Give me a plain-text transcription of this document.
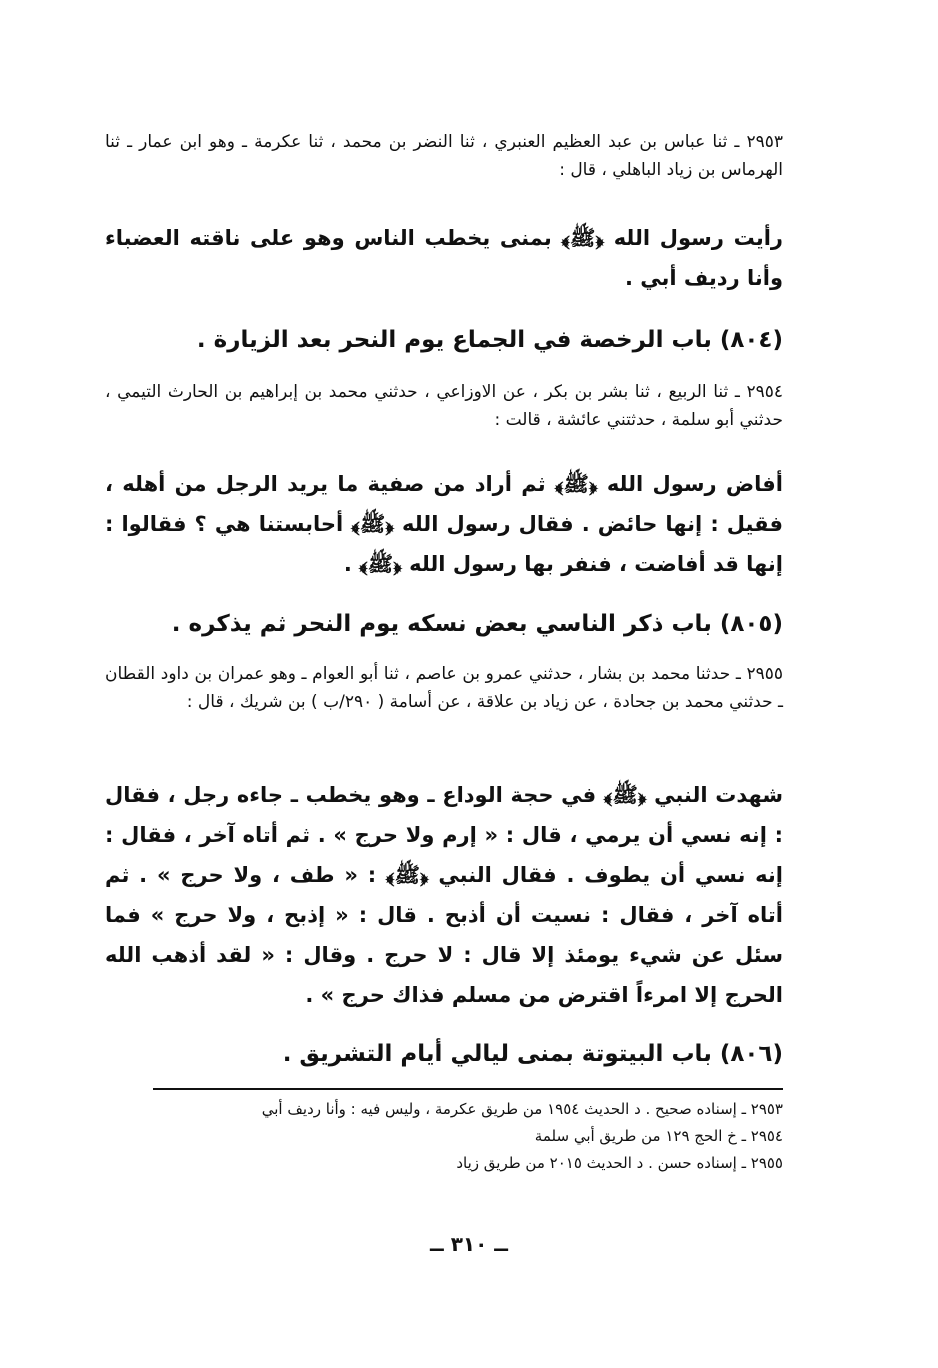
٢٩٥٣ ـ ثنا عباس بن عبد العظيم العنبري ، ثنا النضر بن محمد ، ثنا عكرمة ـ وهو ابن عمار ـ ثنا الهرماس بن زياد الباهلي ، قال :
رأيت رسول الله ﴿ﷺ﴾ بمنى يخطب الناس وهو على ناقته العضباء وأنا رديف أبي .
(٨٠٤) باب الرخصة في الجماع يوم النحر بعد الزيارة .
٢٩٥٤ ـ ثنا الربيع ، ثنا بشر بن بكر ، عن الاوزاعي ، حدثني محمد بن إبراهيم بن الحارث التيمي ، حدثني أبو سلمة ، حدثتني عائشة ، قالت :
أفاض رسول الله ﴿ﷺ﴾ ثم أراد من صفية ما يريد الرجل من أهله ، فقيل : إنها حائض . فقال رسول الله ﴿ﷺ﴾ أحابستنا هي ؟ فقالوا : إنها قد أفاضت ، فنفر بها رسول الله ﴿ﷺ﴾ .
(٨٠٥) باب ذكر الناسي بعض نسكه يوم النحر ثم يذكره .
٢٩٥٥ ـ حدثنا محمد بن بشار ، حدثني عمرو بن عاصم ، ثنا أبو العوام ـ وهو عمران بن داود القطان ـ حدثني محمد بن جحادة ، عن زياد بن علاقة ، عن أسامة ( ٢٩٠/ب ) بن شريك ، قال :
شهدت النبي ﴿ﷺ﴾ في حجة الوداع ـ وهو يخطب ـ جاءه رجل ، فقال : إنه نسي أن يرمي ، قال : « إرم ولا حرج » . ثم أتاه آخر ، فقال : إنه نسي أن يطوف . فقال النبي ﴿ﷺ﴾ : « طف ، ولا حرج » . ثم أتاه آخر ، فقال : نسيت أن أذبح . قال : « إذبح ، ولا حرج » فما سئل عن شيء يومئذ إلا قال : لا حرج . وقال : « لقد أذهب الله الحرج إلا امرءاً اقترض من مسلم فذاك حرج » .
(٨٠٦) باب البيتوتة بمنى ليالي أيام التشريق .
٢٩٥٣ ـ إسناده صحيح . د الحديث ١٩٥٤ من طريق عكرمة ، وليس فيه : وأنا رديف أبي
٢٩٥٤ ـ خ الحج ١٢٩ من طريق أبي سلمة
٢٩٥٥ ـ إسناده حسن . د الحديث ٢٠١٥ من طريق زياد
ــ ٣١٠ ــ
